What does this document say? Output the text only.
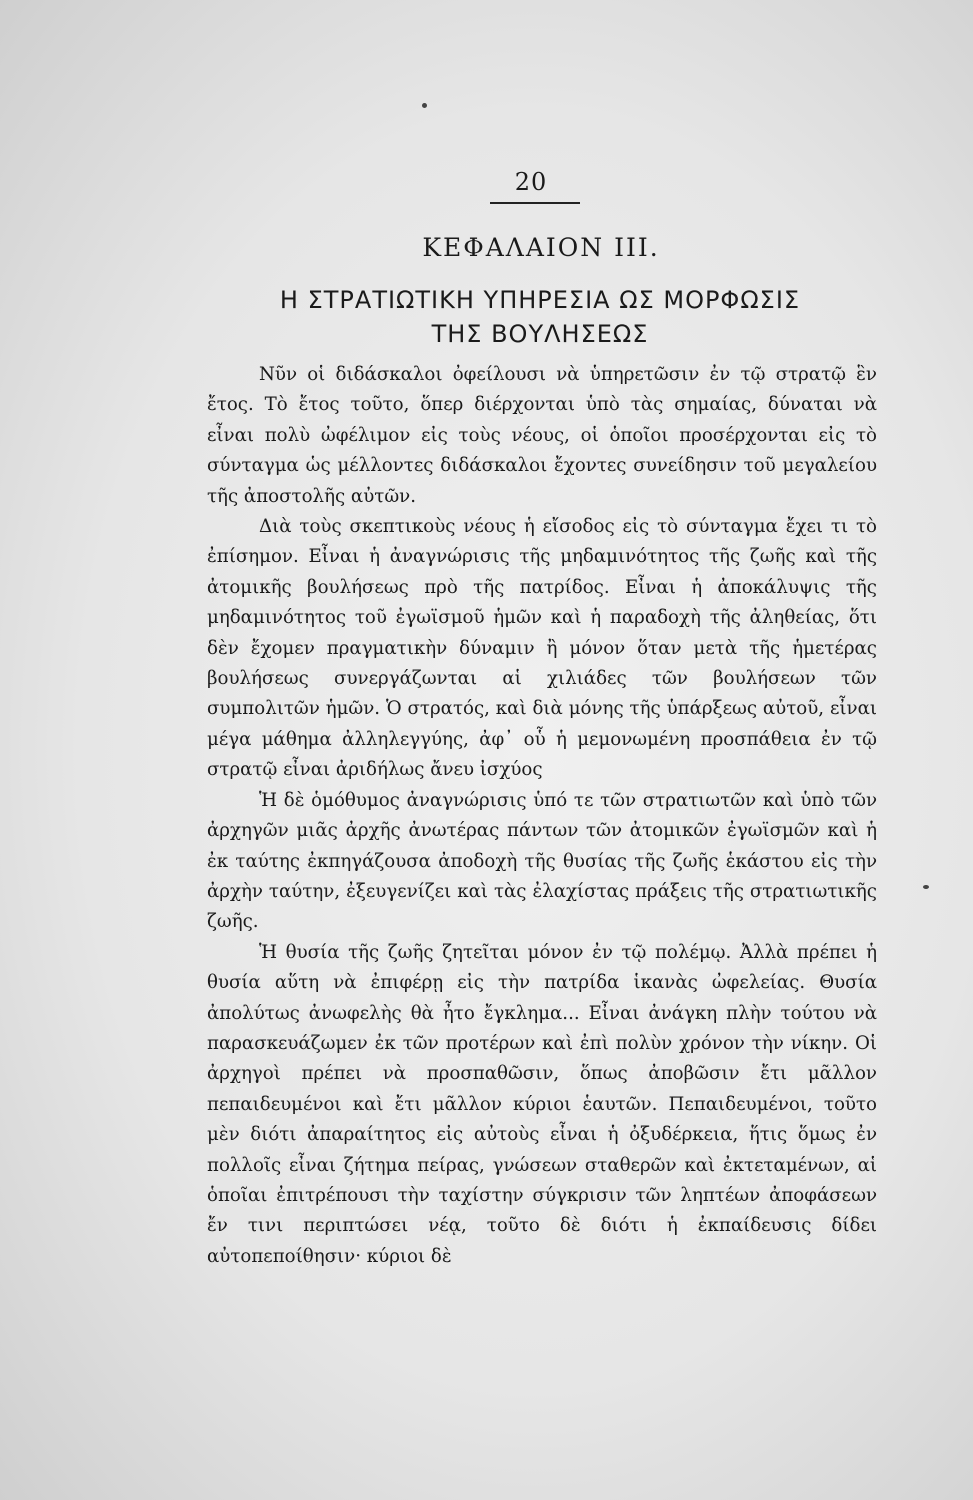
20
ΚΕΦΑΛΑΙΟΝ ΙΙΙ.
Η ΣΤΡΑΤΙΩΤΙΚΗ ΥΠΗΡΕΣΙΑ ΩΣ ΜΟΡΦΩΣΙΣ
ΤΗΣ ΒΟΥΛΗΣΕΩΣ

Νῦν οἱ διδάσκαλοι ὀφείλουσι νὰ ὑπηρετῶσιν ἐν τῷ στρατῷ ἓν ἔτος. Τὸ ἔτος τοῦτο, ὅπερ διέρχονται ὑπὸ τὰς σημαίας, δύναται νὰ εἶναι πολὺ ὠφέλιμον εἰς τοὺς νέους, οἱ ὁποῖοι προσέρχονται εἰς τὸ σύνταγμα ὡς μέλλοντες διδάσκαλοι ἔχοντες συνείδησιν τοῦ μεγαλείου τῆς ἀποστολῆς αὐτῶν.

Διὰ τοὺς σκεπτικοὺς νέους ἡ εἴσοδος εἰς τὸ σύνταγμα ἔχει τι τὸ ἐπίσημον. Εἶναι ἡ ἀναγνώρισις τῆς μηδαμινότητος τῆς ζωῆς καὶ τῆς ἀτομικῆς βουλήσεως πρὸ τῆς πατρίδος. Εἶναι ἡ ἀποκάλυψις τῆς μηδαμινότητος τοῦ ἐγωϊσμοῦ ἡμῶν καὶ ἡ παραδοχὴ τῆς ἀληθείας, ὅτι δὲν ἔχομεν πραγματικὴν δύναμιν ἢ μόνον ὅταν μετὰ τῆς ἡμετέρας βουλήσεως συνεργάζωνται αἱ χιλιάδες τῶν βουλήσεων τῶν συμπολιτῶν ἡμῶν. Ὁ στρατός, καὶ διὰ μόνης τῆς ὑπάρξεως αὐτοῦ, εἶναι μέγα μάθημα ἀλληλεγγύης, ἀφ᾽ οὗ ἡ μεμονωμένη προσπάθεια ἐν τῷ στρατῷ εἶναι ἀριδήλως ἄνευ ἰσχύος

Ἡ δὲ ὁμόθυμος ἀναγνώρισις ὑπό τε τῶν στρατιωτῶν καὶ ὑπὸ τῶν ἀρχηγῶν μιᾶς ἀρχῆς ἀνωτέρας πάντων τῶν ἀτομικῶν ἐγωϊσμῶν καὶ ἡ ἐκ ταύτης ἐκπηγάζουσα ἀποδοχὴ τῆς θυσίας τῆς ζωῆς ἑκάστου εἰς τὴν ἀρχὴν ταύτην, ἐξευγενίζει καὶ τὰς ἐλαχίστας πράξεις τῆς στρατιωτικῆς ζωῆς.

Ἡ θυσία τῆς ζωῆς ζητεῖται μόνον ἐν τῷ πολέμῳ. Ἀλλὰ πρέπει ἡ θυσία αὕτη νὰ ἐπιφέρῃ εἰς τὴν πατρίδα ἱκανὰς ὠφελείας. Θυσία ἀπολύτως ἀνωφελὴς θὰ ἦτο ἔγκλημα... Εἶναι ἀνάγκη πλὴν τούτου νὰ παρασκευάζωμεν ἐκ τῶν προτέρων καὶ ἐπὶ πολὺν χρόνον τὴν νίκην. Οἱ ἀρχηγοὶ πρέπει νὰ προσπαθῶσιν, ὅπως ἀποβῶσιν ἔτι μᾶλλον πεπαιδευμένοι καὶ ἔτι μᾶλλον κύριοι ἑαυτῶν. Πεπαιδευμένοι, τοῦτο μὲν διότι ἀπαραίτητος εἰς αὐτοὺς εἶναι ἡ ὀξυδέρκεια, ἥτις ὅμως ἐν πολλοῖς εἶναι ζήτημα πείρας, γνώσεων σταθερῶν καὶ ἐκτεταμένων, αἱ ὁποῖαι ἐπιτρέπουσι τὴν ταχίστην σύγκρισιν τῶν ληπτέων ἀποφάσεων ἔν τινι περιπτώσει νέᾳ, τοῦτο δὲ διότι ἡ ἐκπαίδευσις δίδει αὐτοπεποίθησιν· κύριοι δὲ
